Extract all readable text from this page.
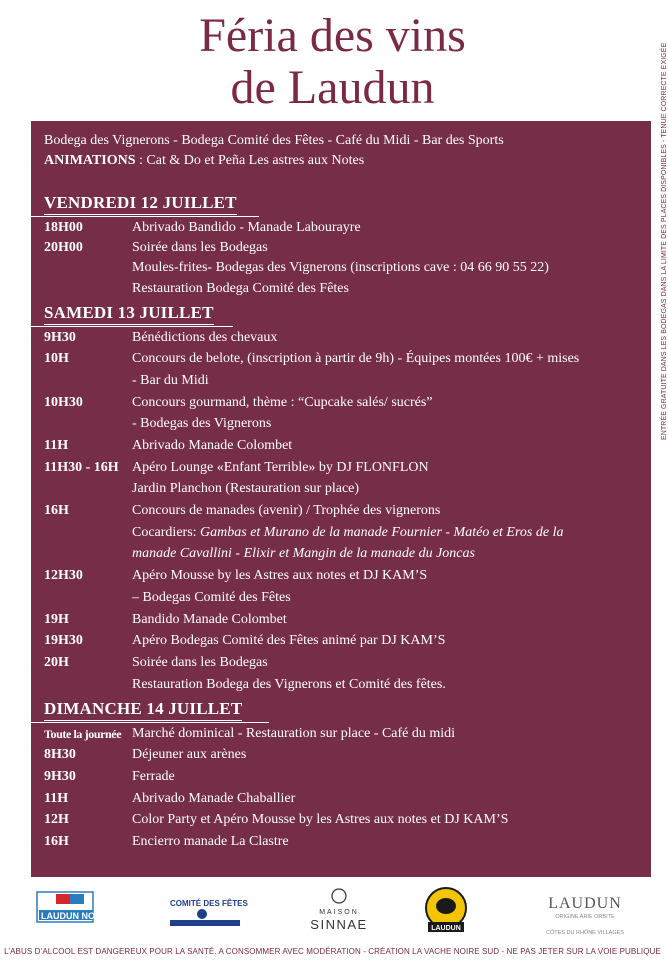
Féria des vins
de Laudun
Bodega des Vignerons - Bodega Comité des Fêtes - Café du Midi - Bar des Sports
ANIMATIONS : Cat & Do et Peña Les astres aux Notes
VENDREDI 12 JUILLET
18H00	Abrivado Bandido - Manade Labourayre
20H00	Soirée dans les Bodegas
Moules-frites- Bodegas des Vignerons (inscriptions cave : 04 66 90 55 22)
Restauration Bodega Comité des Fêtes
SAMEDI 13 JUILLET
9H30	Bénédictions des chevaux
10H	Concours de belote, (inscription à partir de 9h) - Équipes montées 100€ + mises
- Bar du Midi
10H30	Concours gourmand, thème : “Cupcake salés/ sucrés”
- Bodegas des Vignerons
11H	Abrivado Manade Colombet
11H30 - 16H Apéro Lounge «Enfant Terrible» by DJ FLONFLON
Jardin Planchon (Restauration sur place)
16H	Concours de manades (avenir) / Trophée des vignerons
Cocardiers: Gambas et Murano de la manade Fournier - Matéo et Eros de la
manade Cavallini - Elixir et Mangin de la manade du Joncas
12H30	Apéro Mousse by les Astres aux notes et DJ KAM’S
– Bodegas Comité des Fêtes
19H	Bandido Manade Colombet
19H30	Apéro Bodegas Comité des Fêtes animé par DJ KAM’S
20H	Soirée dans les Bodegas
Restauration Bodega des Vignerons et Comité des fêtes.
DIMANCHE 14 JUILLET
Toute la journée Marché dominical - Restauration sur place - Café du midi
8H30	Déjeuner aux arènes
9H30	Ferrade
11H	Abrivado Manade Chaballier
12H	Color Party et Apéro Mousse by les Astres aux notes et DJ KAM’S
16H	Encierro manade La Clastre
ENTRÉE GRATUITE DANS LES BODEGAS DANS LA LIMITE DES PLACES DISPONIBLES - TENUE CORRECTE EXIGÉE
LAUDUN NOIRE
COMITÉ DES FÊTES
MAISON
SINNAE	LAUDUN
LAUDUN
ORIGINE ARIE ORBITE
CÔTES DU RHÔNE VILLAGES
L’ABUS D’ALCOOL EST DANGEREUX POUR LA SANTÉ. A CONSOMMER AVEC MODÉRATION - CRÉATION LA VACHE NOIRE SUD - NE PAS JETER SUR LA VOIE PUBLIQUE
